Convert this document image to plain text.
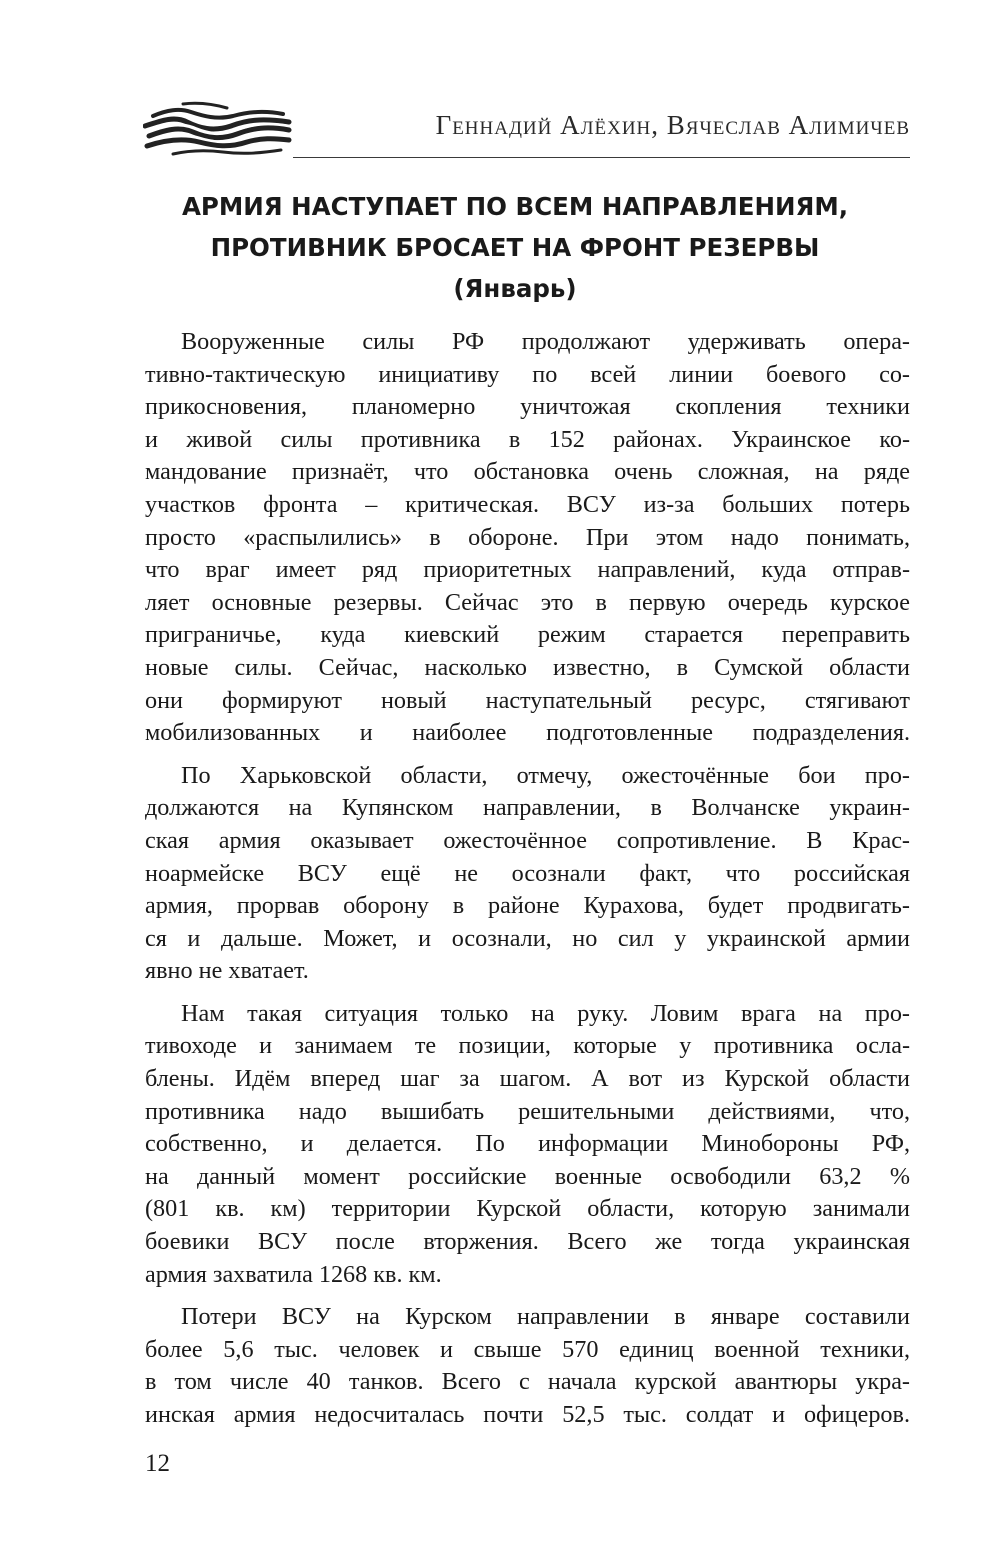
Геннадий Алёхин, Вячеслав Алимичев
АРМИЯ НАСТУПАЕТ ПО ВСЕМ НАПРАВЛЕНИЯМ,
ПРОТИВНИК БРОСАЕТ НА ФРОНТ РЕЗЕРВЫ
(Январь)
Вооруженные силы РФ продолжают удерживать опера-
тивно-тактическую инициативу по всей линии боевого со-
прикосновения, планомерно уничтожая скопления техники
и живой силы противника в 152 районах. Украинское ко-
мандование признаёт, что обстановка очень сложная, на ряде
участков фронта – критическая. ВСУ из-за больших потерь
просто «распылились» в обороне. При этом надо понимать,
что враг имеет ряд приоритетных направлений, куда отправ-
ляет основные резервы. Сейчас это в первую очередь курское
приграничье, куда киевский режим старается переправить
новые силы. Сейчас, насколько известно, в Сумской области
они формируют новый наступательный ресурс, стягивают
мобилизованных и наиболее подготовленные подразделения.
По Харьковской области, отмечу, ожесточённые бои про-
должаются на Купянском направлении, в Волчанске украин-
ская армия оказывает ожесточённое сопротивление. В Крас-
ноармейске ВСУ ещё не осознали факт, что российская
армия, прорвав оборону в районе Курахова, будет продвигать-
ся и дальше. Может, и осознали, но сил у украинской армии
явно не хватает.
Нам такая ситуация только на руку. Ловим врага на про-
тивоходе и занимаем те позиции, которые у противника осла-
блены. Идём вперед шаг за шагом. А вот из Курской области
противника надо вышибать решительными действиями, что,
собственно, и делается. По информации Минобороны РФ,
на данный момент российские военные освободили 63,2 %
(801 кв. км) территории Курской области, которую занимали
боевики ВСУ после вторжения. Всего же тогда украинская
армия захватила 1268 кв. км.
Потери ВСУ на Курском направлении в январе составили
более 5,6 тыс. человек и свыше 570 единиц военной техники,
в том числе 40 танков. Всего с начала курской авантюры укра-
инская армия недосчиталась почти 52,5 тыс. солдат и офицеров.
12
